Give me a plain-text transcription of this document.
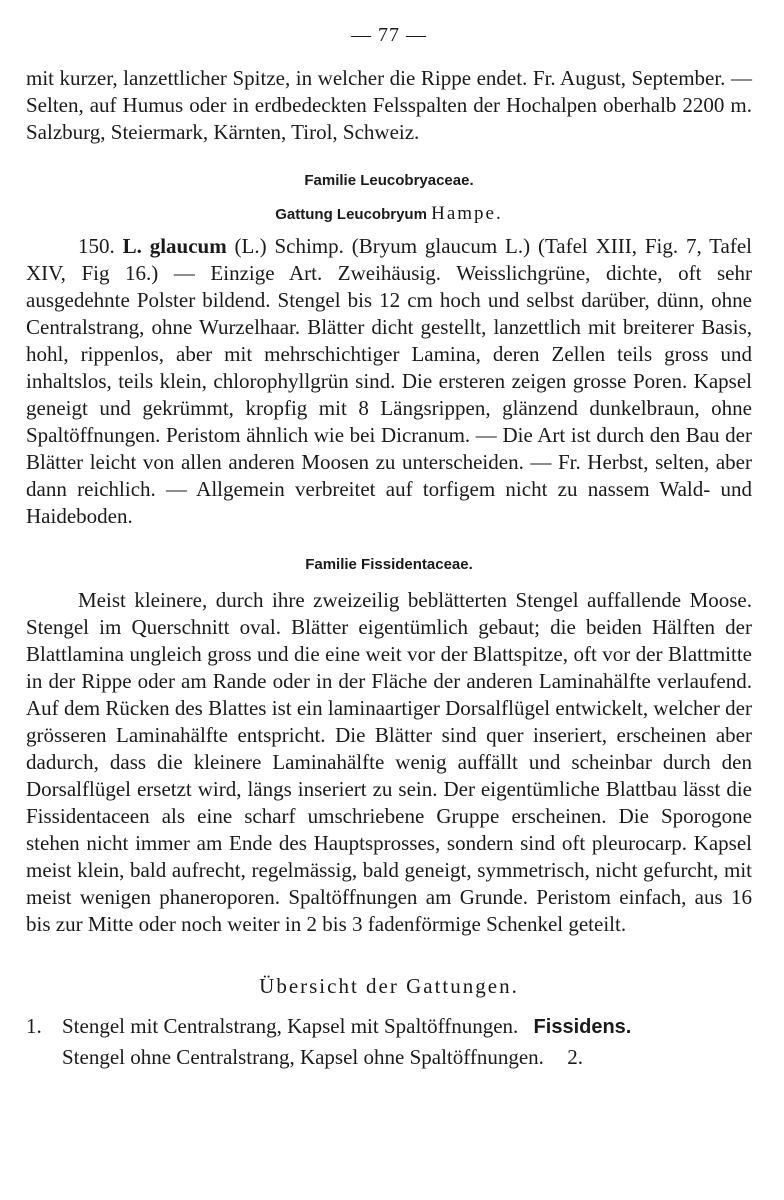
— 77 —

mit kurzer, lanzettlicher Spitze, in welcher die Rippe endet. Fr. August, September. — Selten, auf Humus oder in erdbedeckten Felsspalten der Hochalpen oberhalb 2200 m. Salzburg, Steiermark, Kärnten, Tirol, Schweiz.

Familie Leucobryaceae.
Gattung Leucobryum Hampe.

150. L. glaucum (L.) Schimp. (Bryum glaucum L.) (Tafel XIII, Fig. 7, Tafel XIV, Fig 16.) — Einzige Art. Zweihäusig. Weisslichgrüne, dichte, oft sehr ausgedehnte Polster bildend. Stengel bis 12 cm hoch und selbst darüber, dünn, ohne Centralstrang, ohne Wurzelhaar. Blätter dicht gestellt, lanzettlich mit breiterer Basis, hohl, rippenlos, aber mit mehrschichtiger Lamina, deren Zellen teils gross und inhaltslos, teils klein, chlorophyllgrün sind. Die ersteren zeigen grosse Poren. Kapsel geneigt und gekrümmt, kropfig mit 8 Längsrippen, glänzend dunkelbraun, ohne Spaltöffnungen. Peristom ähnlich wie bei Dicranum. — Die Art ist durch den Bau der Blätter leicht von allen anderen Moosen zu unterscheiden. — Fr. Herbst, selten, aber dann reichlich. — Allgemein verbreitet auf torfigem nicht zu nassem Wald- und Haideboden.

Familie Fissidentaceae.

Meist kleinere, durch ihre zweizeilig beblätterten Stengel auffallende Moose. Stengel im Querschnitt oval. Blätter eigentümlich gebaut; die beiden Hälften der Blattlamina ungleich gross und die eine weit vor der Blattspitze, oft vor der Blattmitte in der Rippe oder am Rande oder in der Fläche der anderen Laminahälfte verlaufend. Auf dem Rücken des Blattes ist ein laminaartiger Dorsalflügel entwickelt, welcher der grösseren Laminahälfte entspricht. Die Blätter sind quer inseriert, erscheinen aber dadurch, dass die kleinere Laminahälfte wenig auffällt und scheinbar durch den Dorsalflügel ersetzt wird, längs inseriert zu sein. Der eigentümliche Blattbau lässt die Fissidentaceen als eine scharf umschriebene Gruppe erscheinen. Die Sporogone stehen nicht immer am Ende des Hauptsprosses, sondern sind oft pleurocarp. Kapsel meist klein, bald aufrecht, regelmässig, bald geneigt, symmetrisch, nicht gefurcht, mit meist wenigen phaneroporen. Spaltöffnungen am Grunde. Peristom einfach, aus 16 bis zur Mitte oder noch weiter in 2 bis 3 fadenförmige Schenkel geteilt.

Übersicht der Gattungen.
1. Stengel mit Centralstrang, Kapsel mit Spaltöffnungen. Fissidens.
Stengel ohne Centralstrang, Kapsel ohne Spaltöffnungen. 2.
